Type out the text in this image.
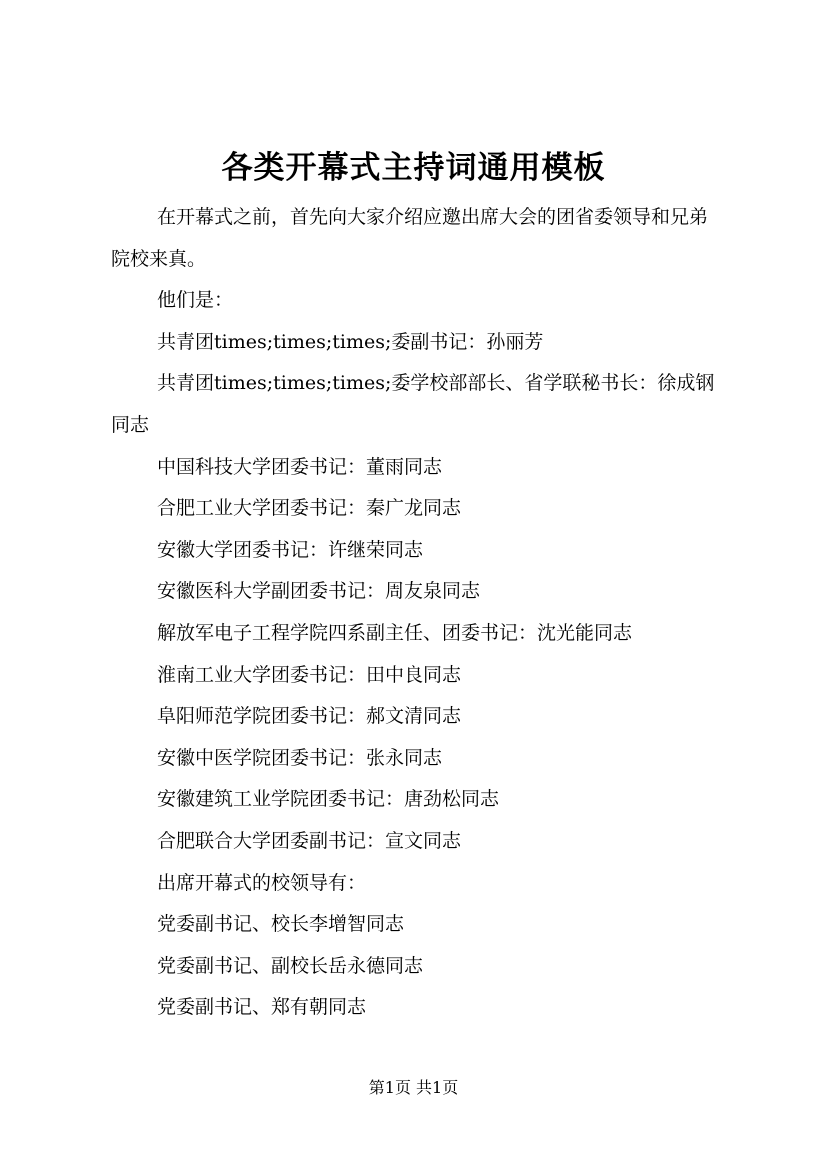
各类开幕式主持词通用模板

在开幕式之前，首先向大家介绍应邀出席大会的团省委领导和兄弟院校来真。

他们是：

共青团times;times;times;委副书记：孙丽芳

共青团times;times;times;委学校部部长、省学联秘书长：徐成钢同志

中国科技大学团委书记：董雨同志

合肥工业大学团委书记：秦广龙同志

安徽大学团委书记：许继荣同志

安徽医科大学副团委书记：周友泉同志

解放军电子工程学院四系副主任、团委书记：沈光能同志

淮南工业大学团委书记：田中良同志

阜阳师范学院团委书记：郝文清同志

安徽中医学院团委书记：张永同志

安徽建筑工业学院团委书记：唐劲松同志

合肥联合大学团委副书记：宣文同志

出席开幕式的校领导有：

党委副书记、校长李增智同志

党委副书记、副校长岳永德同志

党委副书记、郑有朝同志

第1页 共1页
